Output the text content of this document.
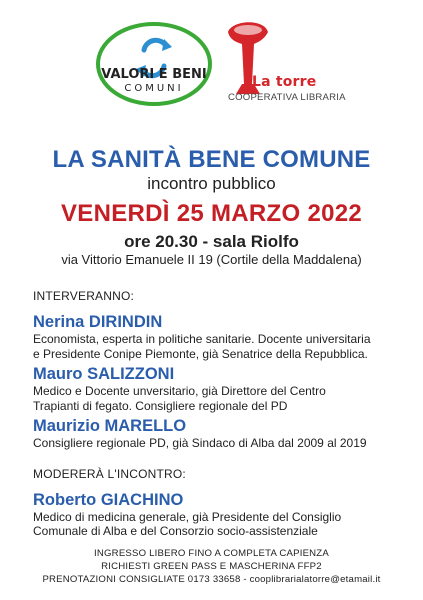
VALORI E BENI
COMUNI	La torre
COOPERATIVA LIBRARIA
LA SANITÀ BENE COMUNE
incontro pubblico
VENERDÌ 25 MARZO 2022
ore 20.30 - sala Riolfo
via Vittorio Emanuele II 19 (Cortile della Maddalena)

INTERVERANNO:

Nerina DIRINDIN
Economista, esperta in politiche sanitarie. Docente universitaria
e Presidente Conipe Piemonte, già Senatrice della Repubblica.
Mauro SALIZZONI
Medico e Docente unversitario, già Direttore del Centro
Trapianti di fegato. Consigliere regionale del PD
Maurizio MARELLO
Consigliere regionale PD, già Sindaco di Alba dal 2009 al 2019

MODERERÀ L'INCONTRO:

Roberto GIACHINO
Medico di medicina generale, già Presidente del Consiglio
Comunale di Alba e del Consorzio socio-assistenziale
INGRESSO LIBERO FINO A COMPLETA CAPIENZA
RICHIESTI GREEN PASS E MASCHERINA FFP2
PRENOTAZIONI CONSIGLIATE 0173 33658 - cooplibrarialatorre@etamail.it
